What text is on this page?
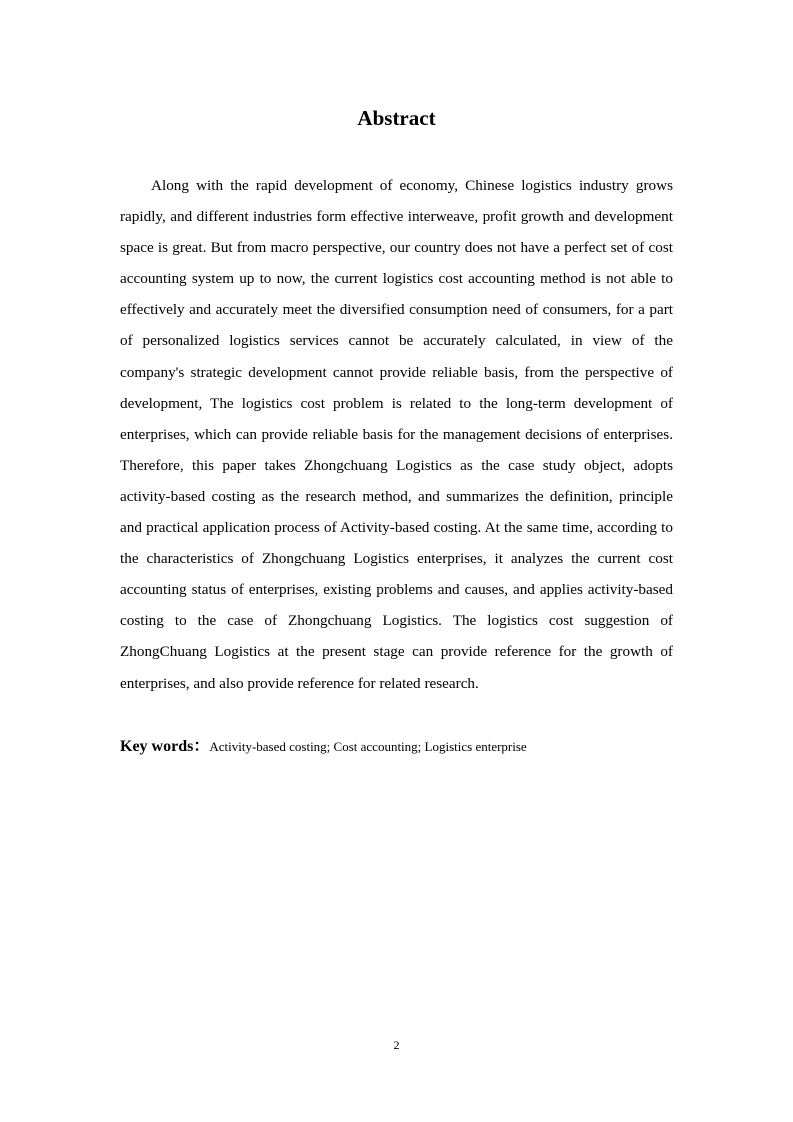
Abstract

Along with the rapid development of economy, Chinese logistics industry grows rapidly, and different industries form effective interweave, profit growth and development space is great. But from macro perspective, our country does not have a perfect set of cost accounting system up to now, the current logistics cost accounting method is not able to effectively and accurately meet the diversified consumption need of consumers, for a part of personalized logistics services cannot be accurately calculated, in view of the company's strategic development cannot provide reliable basis, from the perspective of development, The logistics cost problem is related to the long-term development of enterprises, which can provide reliable basis for the management decisions of enterprises. Therefore, this paper takes Zhongchuang Logistics as the case study object, adopts activity-based costing as the research method, and summarizes the definition, principle and practical application process of Activity-based costing. At the same time, according to the characteristics of Zhongchuang Logistics enterprises, it analyzes the current cost accounting status of enterprises, existing problems and causes, and applies activity-based costing to the case of Zhongchuang Logistics. The logistics cost suggestion of ZhongChuang Logistics at the present stage can provide reference for the growth of enterprises, and also provide reference for related research.

Key words：Activity-based costing; Cost accounting; Logistics enterprise
2
